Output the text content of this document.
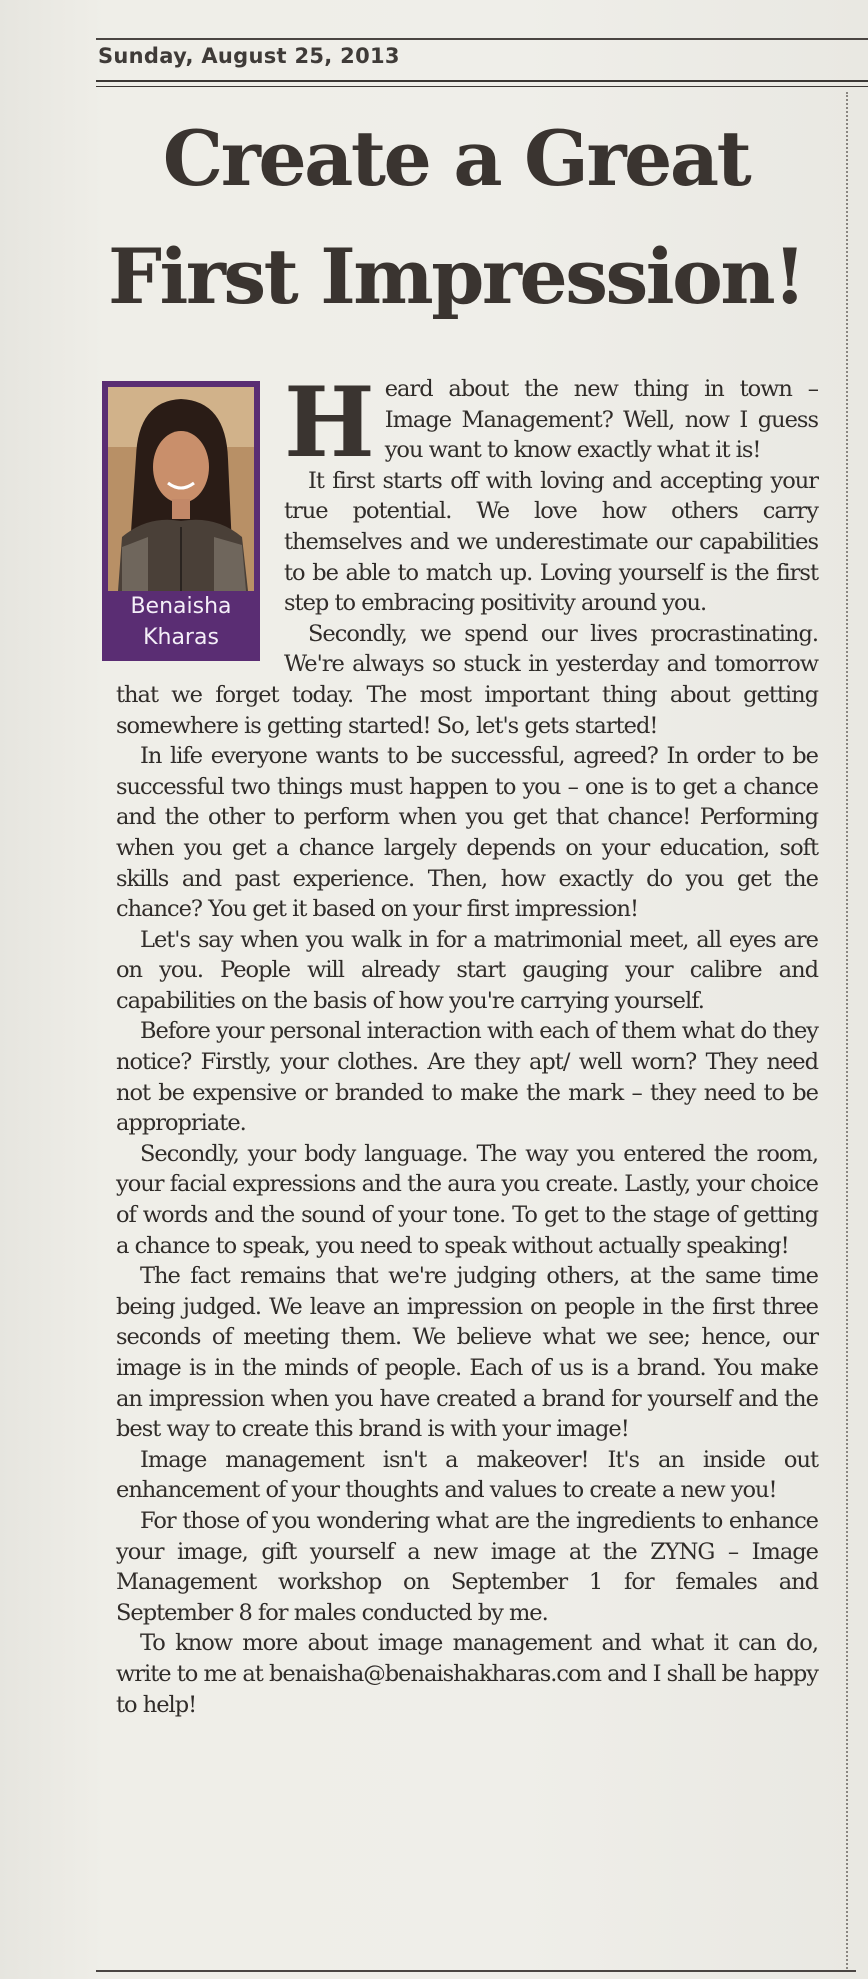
Sunday, August 25, 2013
Create a Great
First Impression!
Benaisha
Kharas

Heard about the new thing in town – Image Management? Well, now I guess you want to know exactly what it is!

It first starts off with loving and accepting your true potential. We love how others carry themselves and we underestimate our capabilities to be able to match up. Loving yourself is the first step to embracing positivity around you.

Secondly, we spend our lives procrastinating. We're always so stuck in yesterday and tomorrow that we forget today. The most important thing about getting somewhere is getting started! So, let's gets started!

In life everyone wants to be successful, agreed? In order to be successful two things must happen to you – one is to get a chance and the other to perform when you get that chance! Performing when you get a chance largely depends on your education, soft skills and past experience. Then, how exactly do you get the chance? You get it based on your first impression!

Let's say when you walk in for a matrimonial meet, all eyes are on you. People will already start gauging your calibre and capabilities on the basis of how you're carrying yourself.

Before your personal interaction with each of them what do they notice? Firstly, your clothes. Are they apt/ well worn? They need not be expensive or branded to make the mark – they need to be appropriate.

Secondly, your body language. The way you entered the room, your facial expressions and the aura you create. Lastly, your choice of words and the sound of your tone. To get to the stage of getting a chance to speak, you need to speak without actually speaking!

The fact remains that we're judging others, at the same time being judged. We leave an impression on people in the first three seconds of meeting them. We believe what we see; hence, our image is in the minds of people. Each of us is a brand. You make an impression when you have created a brand for yourself and the best way to create this brand is with your image!

Image management isn't a makeover! It's an inside out enhancement of your thoughts and values to create a new you!

For those of you wondering what are the ingredients to enhance your image, gift yourself a new image at the ZYNG – Image Management workshop on September 1 for females and September 8 for males conducted by me.

To know more about image management and what it can do, write to me at benaisha@benaishakharas.com and I shall be happy to help!
